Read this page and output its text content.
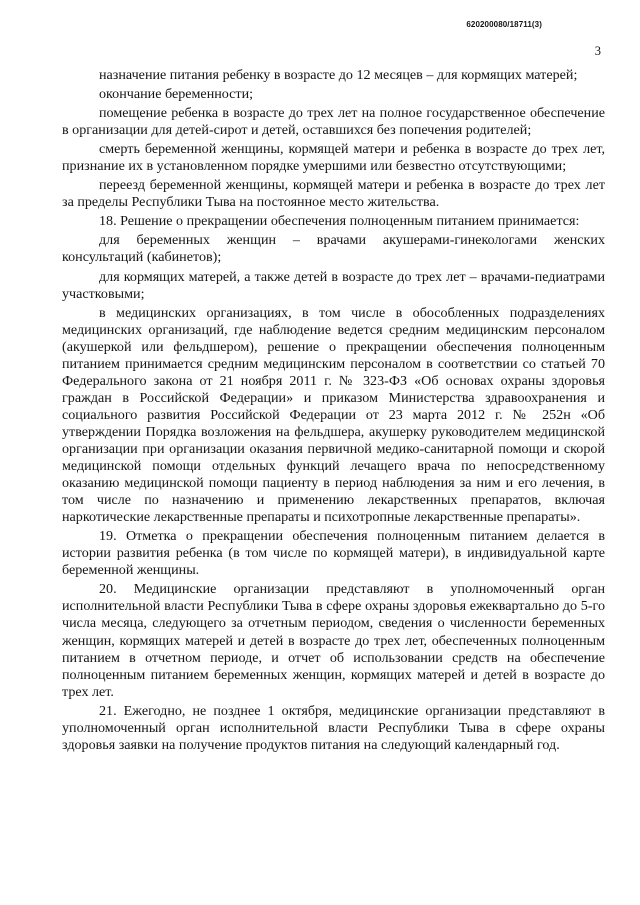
620200080/18711(3)
3

назначение питания ребенку в возрасте до 12 месяцев – для кормящих матерей;

окончание беременности;

помещение ребенка в возрасте до трех лет на полное государственное обеспечение в организации для детей-сирот и детей, оставшихся без попечения родителей;

смерть беременной женщины, кормящей матери и ребенка в возрасте до трех лет, признание их в установленном порядке умершими или безвестно отсутствующими;

переезд беременной женщины, кормящей матери и ребенка в возрасте до трех лет за пределы Республики Тыва на постоянное место жительства.

18. Решение о прекращении обеспечения полноценным питанием принимается:

для беременных женщин – врачами акушерами-гинекологами женских консультаций (кабинетов);

для кормящих матерей, а также детей в возрасте до трех лет – врачами-педиатрами участковыми;

в медицинских организациях, в том числе в обособленных подразделениях медицинских организаций, где наблюдение ведется средним медицинским персоналом (акушеркой или фельдшером), решение о прекращении обеспечения полноценным питанием принимается средним медицинским персоналом в соответствии со статьей 70 Федерального закона от 21 ноября 2011 г. № 323-ФЗ «Об основах охраны здоровья граждан в Российской Федерации» и приказом Министерства здравоохранения и социального развития Российской Федерации от 23 марта 2012 г. № 252н «Об утверждении Порядка возложения на фельдшера, акушерку руководителем медицинской организации при организации оказания первичной медико-санитарной помощи и скорой медицинской помощи отдельных функций лечащего врача по непосредственному оказанию медицинской помощи пациенту в период наблюдения за ним и его лечения, в том числе по назначению и применению лекарственных препаратов, включая наркотические лекарственные препараты и психотропные лекарственные препараты».

19. Отметка о прекращении обеспечения полноценным питанием делается в истории развития ребенка (в том числе по кормящей матери), в индивидуальной карте беременной женщины.

20. Медицинские организации представляют в уполномоченный орган исполнительной власти Республики Тыва в сфере охраны здоровья ежеквартально до 5-го числа месяца, следующего за отчетным периодом, сведения о численности беременных женщин, кормящих матерей и детей в возрасте до трех лет, обеспеченных полноценным питанием в отчетном периоде, и отчет об использовании средств на обеспечение полноценным питанием беременных женщин, кормящих матерей и детей в возрасте до трех лет.

21. Ежегодно, не позднее 1 октября, медицинские организации представляют в уполномоченный орган исполнительной власти Республики Тыва в сфере охраны здоровья заявки на получение продуктов питания на следующий календарный год.
